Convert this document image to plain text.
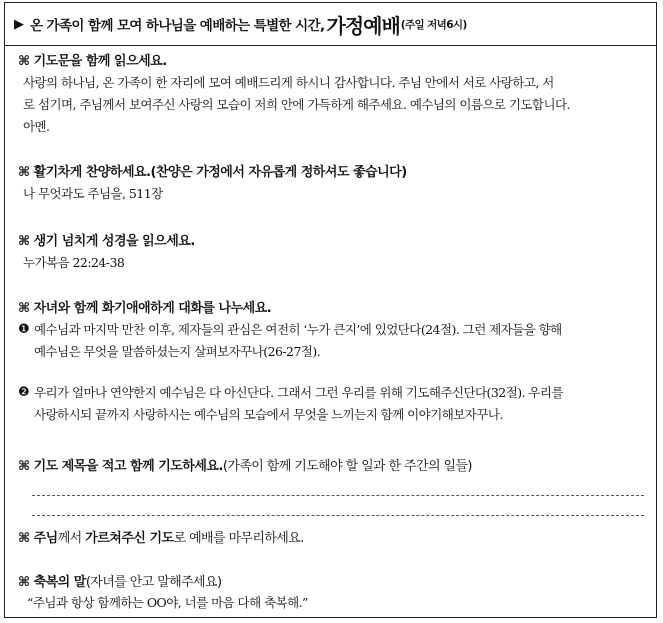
▶ 온 가족이 함께 모여 하나님을 예배하는 특별한 시간, 가정예배 (주일 저녁6시)
⌘ 기도문을 함께 읽으세요.
사랑의 하나님, 온 가족이 한 자리에 모여 예배드리게 하시니 감사합니다. 주님 안에서 서로 사랑하고, 서
로 섬기며, 주님께서 보여주신 사랑의 모습이 저희 안에 가득하게 해주세요. 예수님의 이름으로 기도합니다.
아멘.
⌘ 활기차게 찬양하세요.(찬양은 가정에서 자유롭게 정하셔도 좋습니다)
나 무엇과도 주님을, 511장
⌘ 생기 넘치게 성경을 읽으세요.
누가복음 22:24-38
⌘ 자녀와 함께 화기애애하게 대화를 나누세요.
❶ 예수님과 마지막 만찬 이후, 제자들의 관심은 여전히 ‘누가 큰지’에 있었단다(24절). 그런 제자들을 향해
예수님은 무엇을 말씀하셨는지 살펴보자꾸나(26-27절).
❷ 우리가 얼마나 연약한지 예수님은 다 아신단다. 그래서 그런 우리를 위해 기도해주신단다(32절). 우리를
사랑하시되 끝까지 사랑하시는 예수님의 모습에서 무엇을 느끼는지 함께 이야기해보자꾸나.
⌘ 기도 제목을 적고 함께 기도하세요.(가족이 함께 기도해야 할 일과 한 주간의 일들)
⌘ 주님께서 가르쳐주신 기도로 예배를 마무리하세요.
⌘ 축복의 말(자녀를 안고 말해주세요)
“주님과 항상 함께하는 OO야, 너를 마음 다해 축복해.”
